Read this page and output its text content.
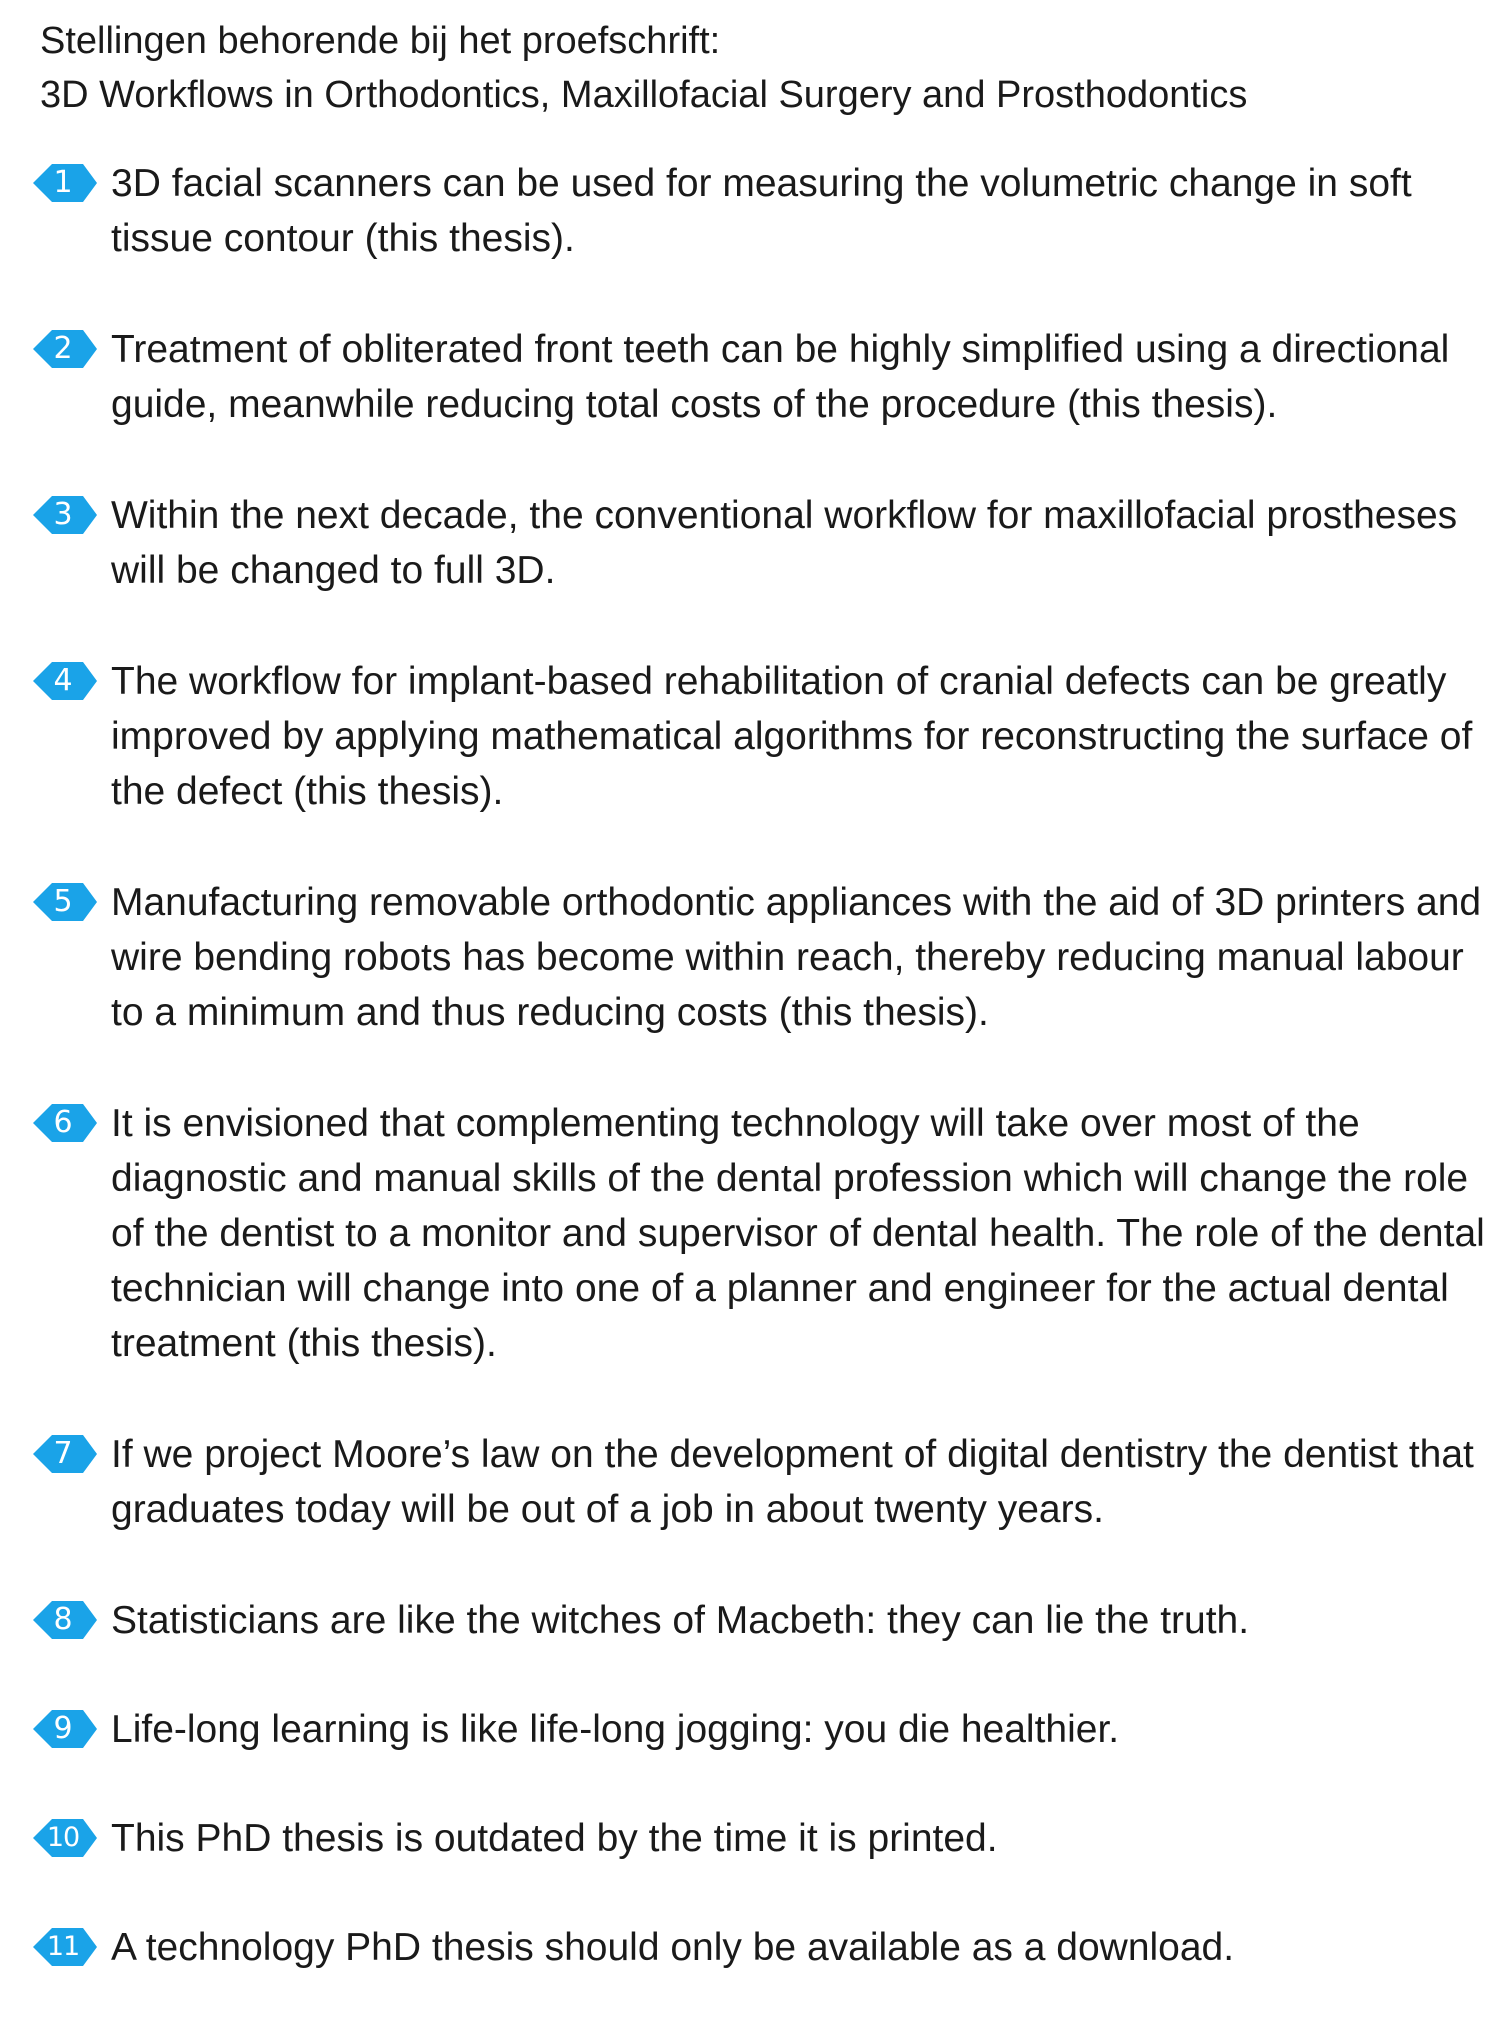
Stellingen behorende bij het proefschrift:
3D Workflows in Orthodontics, Maxillofacial Surgery and Prosthodontics
1 3D facial scanners can be used for measuring the volumetric change in soft tissue contour (this thesis).
2 Treatment of obliterated front teeth can be highly simplified using a directional guide, meanwhile reducing total costs of the procedure (this thesis).
3 Within the next decade, the conventional workflow for maxillofacial prostheses will be changed to full 3D.
4 The workflow for implant-based rehabilitation of cranial defects can be greatly improved by applying mathematical algorithms for reconstructing the surface of the defect (this thesis).
5 Manufacturing removable orthodontic appliances with the aid of 3D printers and wire bending robots has become within reach, thereby reducing manual labour to a minimum and thus reducing costs (this thesis).
6 It is envisioned that complementing technology will take over most of the diagnostic and manual skills of the dental profession which will change the role of the dentist to a monitor and supervisor of dental health. The role of the dental technician will change into one of a planner and engineer for the actual dental treatment (this thesis).
7 If we project Moore’s law on the development of digital dentistry the dentist that graduates today will be out of a job in about twenty years.
8 Statisticians are like the witches of Macbeth: they can lie the truth.
9 Life-long learning is like life-long jogging: you die healthier.
10 This PhD thesis is outdated by the time it is printed.
11 A technology PhD thesis should only be available as a download.
